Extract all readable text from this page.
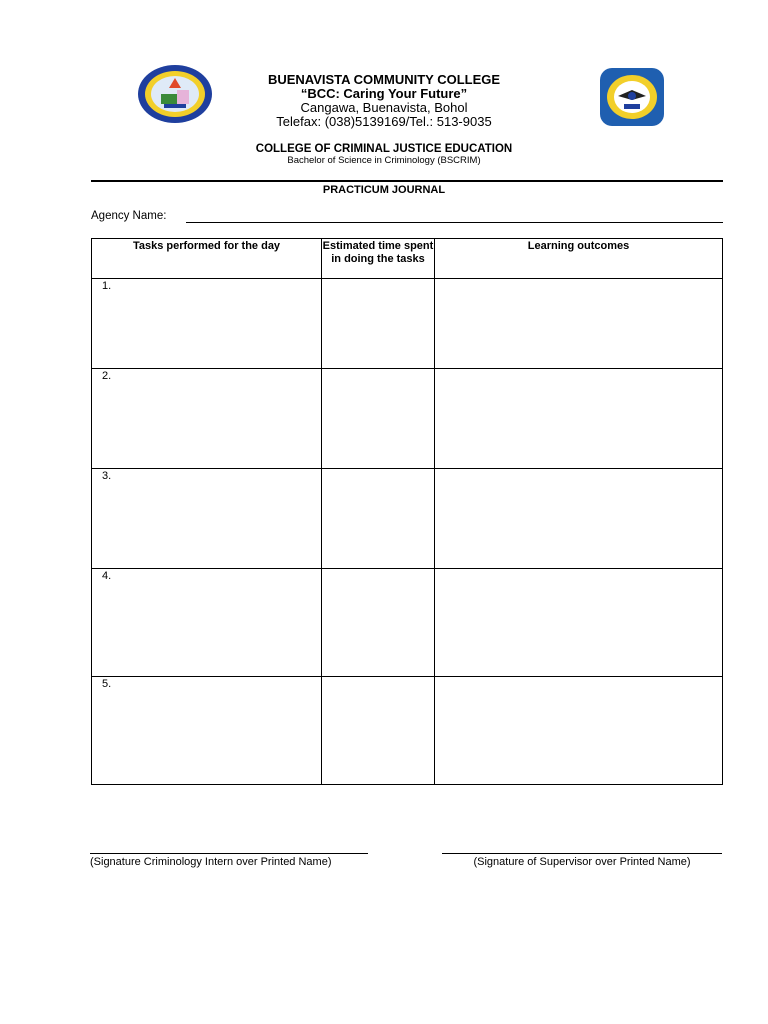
BUENAVISTA COMMUNITY COLLEGE
“BCC: Caring Your Future”
Cangawa, Buenavista, Bohol
Telefax: (038)5139169/Tel.: 513-9035
COLLEGE OF CRIMINAL JUSTICE EDUCATION
Bachelor of Science in Criminology (BSCRIM)
PRACTICUM JOURNAL
Agency Name:
Tasks performed for the day	Estimated time spent in doing the tasks	Learning outcomes
1.		
2.		
3.		
4.		
5.		
(Signature Criminology Intern over Printed Name)	(Signature of Supervisor over Printed Name)
